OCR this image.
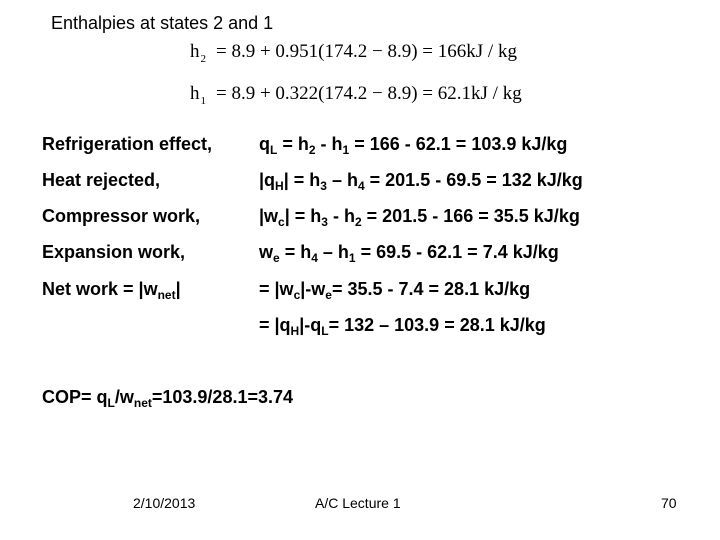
Enthalpies at states 2 and 1
$h_2 = 8.9 + 0.951(174.2 - 8.9) = 166kJ$ / kg
$h_1 = 8.9 + 0.322(174.2 - 8.9) = 62.1kJ$ / kg
Refrigeration effect,	$q_L = h_2 - h_1 = 166 - 62.1 = 103.9$ kJ/kg
Heat rejected,	$|q_H| = h_3 - h_4 = 201.5 - 69.5 = 132$ kJ/kg
Compressor work,	$|w_c| = h_3 - h_2 = 201.5 - 166 = 35.5$ kJ/kg
Expansion work,	$w_e = h_4 - h_1 = 69.5 - 62.1 = 7.4$ kJ/kg
Net work = $|w_{net}|$	= $|w_c|-w_e= 35.5 - 7.4 = 28.1$ kJ/kg
= $|q_H|-q_L= 132 - 103.9 = 28.1$ kJ/kg
$COP= q_L/w_{net}=103.9/28.1=3.74$
2/10/2013	A/C Lecture 1	70
